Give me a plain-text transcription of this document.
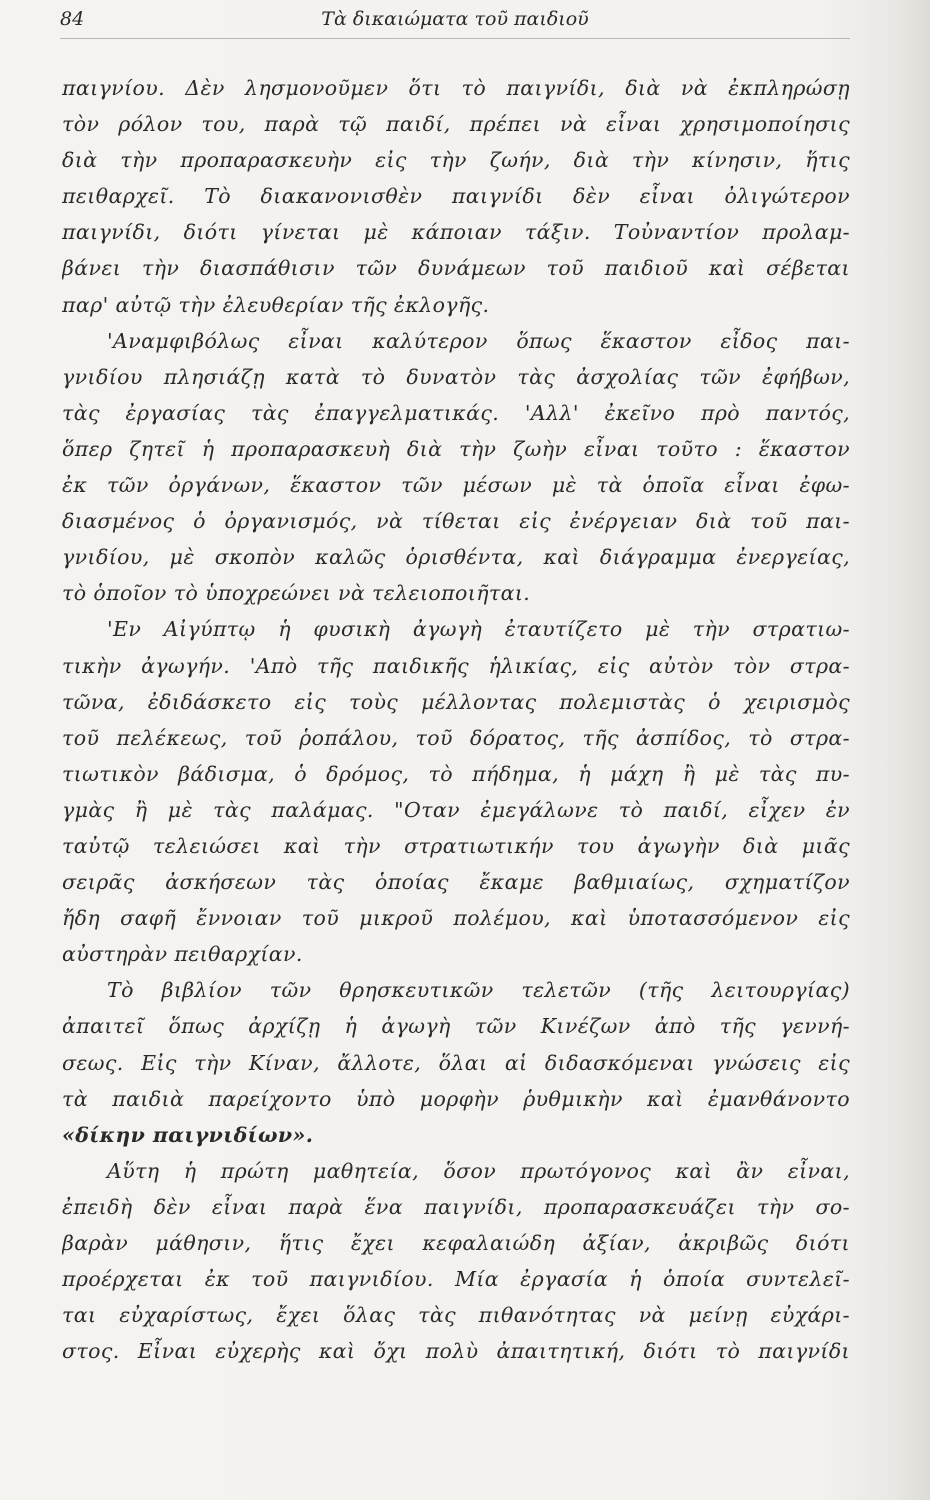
84	Τὰ δικαιώματα τοῦ παιδιοῦ
παιγνίου. Δὲν λησμονοῦμεν ὅτι τὸ παιγνίδι, διὰ νὰ ἐκπληρώσῃ
τὸν ρόλον του, παρὰ τῷ παιδί, πρέπει νὰ εἶναι χρησιμοποίησις
διὰ τὴν προπαρασκευὴν εἰς τὴν ζωήν, διὰ τὴν κίνησιν, ἥτις
πειθαρχεῖ. Τὸ διακανονισθὲν παιγνίδι δὲν εἶναι ὀλιγώτερον
παιγνίδι, διότι γίνεται μὲ κάποιαν τάξιν. Τοὐναντίον προλαμ-
βάνει τὴν διασπάθισιν τῶν δυνάμεων τοῦ παιδιοῦ καὶ σέβεται
παρ' αὐτῷ τὴν ἐλευθερίαν τῆς ἐκλογῆς.
'Αναμφιβόλως εἶναι καλύτερον ὅπως ἕκαστον εἶδος παι-
γνιδίου πλησιάζῃ κατὰ τὸ δυνατὸν τὰς ἀσχολίας τῶν ἐφήβων,
τὰς ἐργασίας τὰς ἐπαγγελματικάς. 'Αλλ' ἐκεῖνο πρὸ παντός,
ὅπερ ζητεῖ ἡ προπαρασκευὴ διὰ τὴν ζωὴν εἶναι τοῦτο : ἕκαστον
ἐκ τῶν ὀργάνων, ἕκαστον τῶν μέσων μὲ τὰ ὁποῖα εἶναι ἐφω-
διασμένος ὁ ὀργανισμός, νὰ τίθεται εἰς ἐνέργειαν διὰ τοῦ παι-
γνιδίου, μὲ σκοπὸν καλῶς ὁρισθέντα, καὶ διάγραμμα ἐνεργείας,
τὸ ὁποῖον τὸ ὑποχρεώνει νὰ τελειοποιῆται.
'Εν Αἰγύπτῳ ἡ φυσικὴ ἀγωγὴ ἐταυτίζετο μὲ τὴν στρατιω-
τικὴν ἀγωγήν. 'Απὸ τῆς παιδικῆς ἡλικίας, εἰς αὐτὸν τὸν στρα-
τῶνα, ἐδιδάσκετο εἰς τοὺς μέλλοντας πολεμιστὰς ὁ χειρισμὸς
τοῦ πελέκεως, τοῦ ῥοπάλου, τοῦ δόρατος, τῆς ἀσπίδος, τὸ στρα-
τιωτικὸν βάδισμα, ὁ δρόμος, τὸ πήδημα, ἡ μάχη ἢ μὲ τὰς πυ-
γμὰς ἢ μὲ τὰς παλάμας. "Οταν ἐμεγάλωνε τὸ παιδί, εἶχεν ἐν
ταὐτῷ τελειώσει καὶ τὴν στρατιωτικήν του ἀγωγὴν διὰ μιᾶς
σειρᾶς ἀσκήσεων τὰς ὁποίας ἔκαμε βαθμιαίως, σχηματίζον
ἤδη σαφῆ ἔννοιαν τοῦ μικροῦ πολέμου, καὶ ὑποτασσόμενον εἰς
αὐστηρὰν πειθαρχίαν.
Τὸ βιβλίον τῶν θρησκευτικῶν τελετῶν (τῆς λειτουργίας)
ἀπαιτεῖ ὅπως ἀρχίζῃ ἡ ἀγωγὴ τῶν Κινέζων ἀπὸ τῆς γεννή-
σεως. Εἰς τὴν Κίναν, ἄλλοτε, ὅλαι αἱ διδασκόμεναι γνώσεις εἰς
τὰ παιδιὰ παρείχοντο ὑπὸ μορφὴν ῥυθμικὴν καὶ ἐμανθάνοντο
«δίκην παιγνιδίων».
Αὕτη ἡ πρώτη μαθητεία, ὅσον πρωτόγονος καὶ ἂν εἶναι,
ἐπειδὴ δὲν εἶναι παρὰ ἕνα παιγνίδι, προπαρασκευάζει τὴν σο-
βαρὰν μάθησιν, ἥτις ἔχει κεφαλαιώδη ἀξίαν, ἀκριβῶς διότι
προέρχεται ἐκ τοῦ παιγνιδίου. Μία ἐργασία ἡ ὁποία συντελεῖ-
ται εὐχαρίστως, ἔχει ὅλας τὰς πιθανότητας νὰ μείνῃ εὐχάρι-
στος. Εἶναι εὐχερὴς καὶ ὄχι πολὺ ἀπαιτητική, διότι τὸ παιγνίδι
